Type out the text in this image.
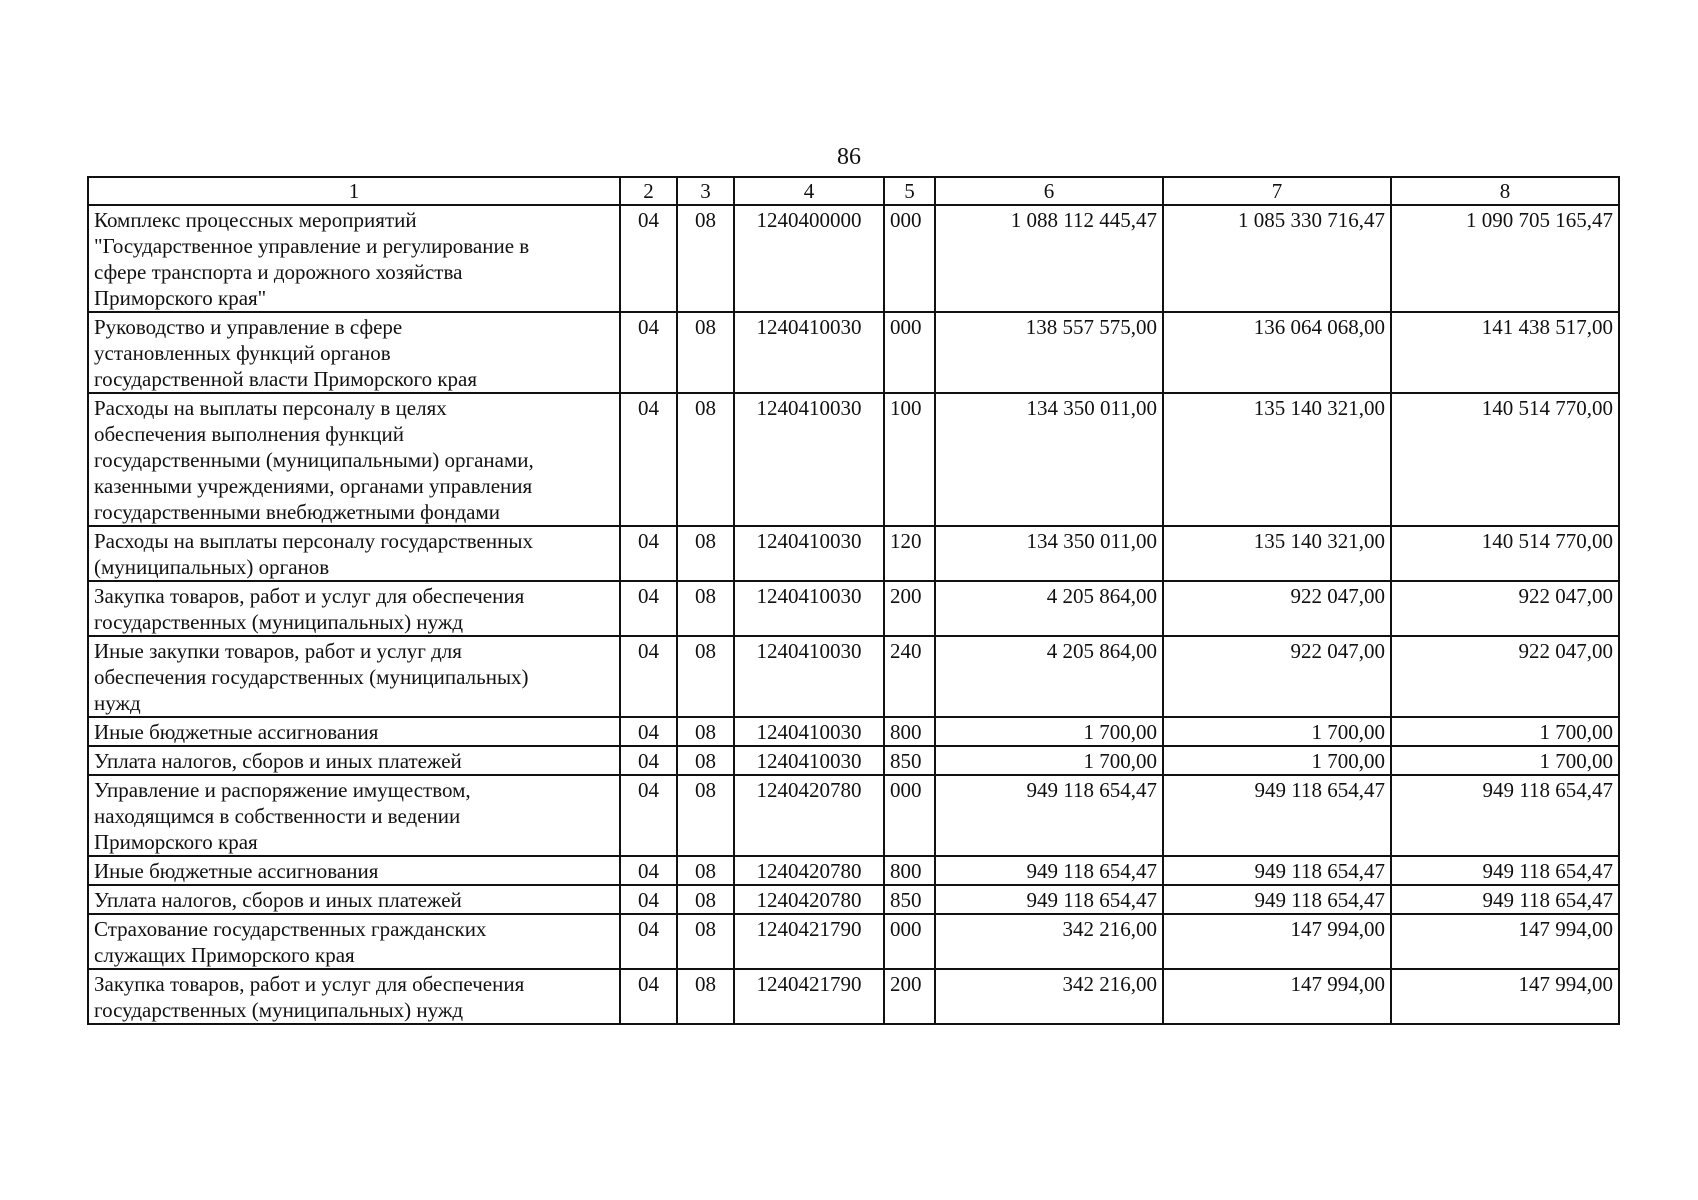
86
1	2	3	4	5	6	7	8
Комплекс процессных мероприятий
"Государственное управление и регулирование в
сфере транспорта и дорожного хозяйства
Приморского края"	04	08	1240400000	000	1 088 112 445,47	1 085 330 716,47	1 090 705 165,47
Руководство и управление в сфере
установленных функций органов
государственной власти Приморского края	04	08	1240410030	000	138 557 575,00	136 064 068,00	141 438 517,00
Расходы на выплаты персоналу в целях
обеспечения выполнения функций
государственными (муниципальными) органами,
казенными учреждениями, органами управления
государственными внебюджетными фондами	04	08	1240410030	100	134 350 011,00	135 140 321,00	140 514 770,00
Расходы на выплаты персоналу государственных
(муниципальных) органов	04	08	1240410030	120	134 350 011,00	135 140 321,00	140 514 770,00
Закупка товаров, работ и услуг для обеспечения
государственных (муниципальных) нужд	04	08	1240410030	200	4 205 864,00	922 047,00	922 047,00
Иные закупки товаров, работ и услуг для
обеспечения государственных (муниципальных)
нужд	04	08	1240410030	240	4 205 864,00	922 047,00	922 047,00
Иные бюджетные ассигнования	04	08	1240410030	800	1 700,00	1 700,00	1 700,00
Уплата налогов, сборов и иных платежей	04	08	1240410030	850	1 700,00	1 700,00	1 700,00
Управление и распоряжение имуществом,
находящимся в собственности и ведении
Приморского края	04	08	1240420780	000	949 118 654,47	949 118 654,47	949 118 654,47
Иные бюджетные ассигнования	04	08	1240420780	800	949 118 654,47	949 118 654,47	949 118 654,47
Уплата налогов, сборов и иных платежей	04	08	1240420780	850	949 118 654,47	949 118 654,47	949 118 654,47
Страхование государственных гражданских
служащих Приморского края	04	08	1240421790	000	342 216,00	147 994,00	147 994,00
Закупка товаров, работ и услуг для обеспечения
государственных (муниципальных) нужд	04	08	1240421790	200	342 216,00	147 994,00	147 994,00
